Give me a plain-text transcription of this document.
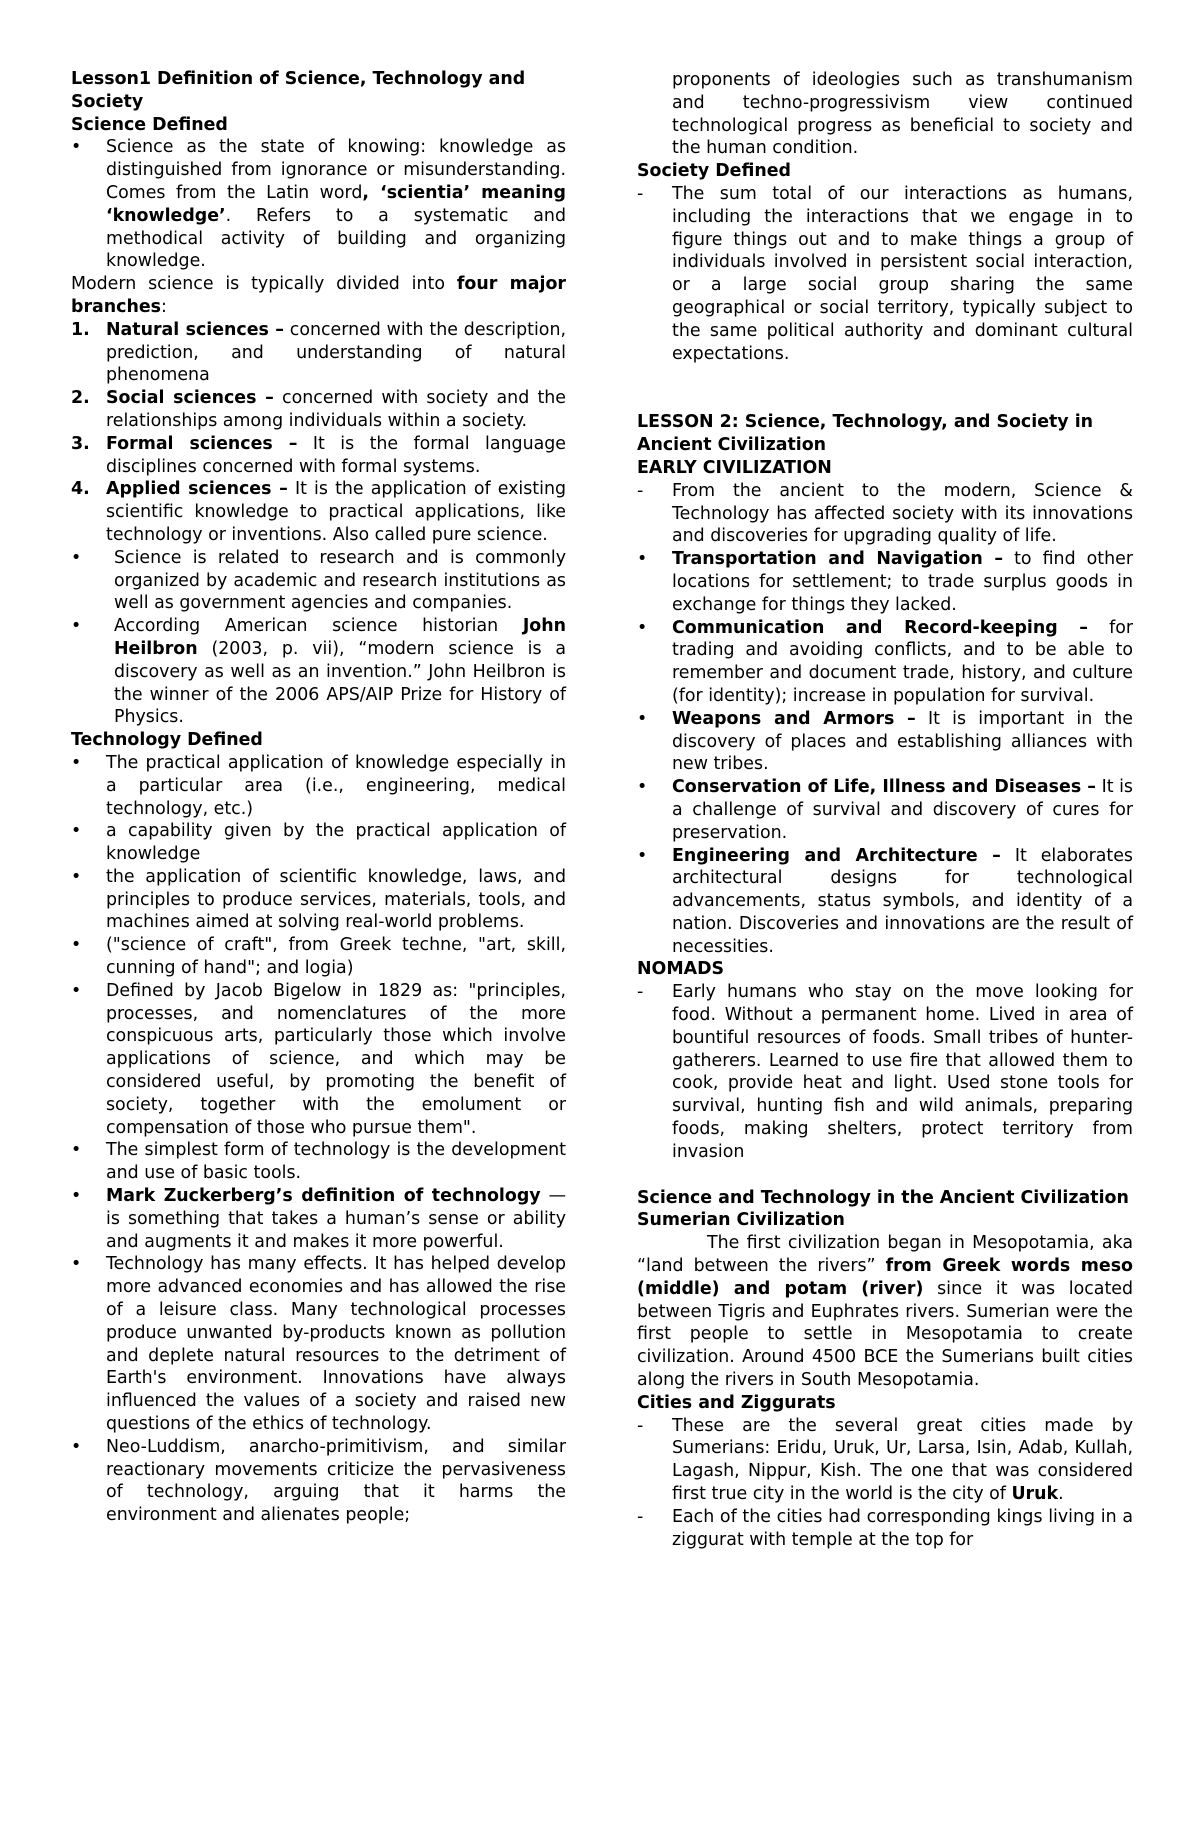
Lesson1 Definition of Science, Technology and Society

Science Defined

• Science as the state of knowing: knowledge as distinguished from ignorance or misunderstanding. Comes from the Latin word, ‘scientia’ meaning ‘knowledge’. Refers to a systematic and methodical activity of building and organizing knowledge.

Modern science is typically divided into four major branches:

1. Natural sciences – concerned with the description, prediction, and understanding of natural phenomena
2. Social sciences – concerned with society and the relationships among individuals within a society.
3. Formal sciences – It is the formal language disciplines concerned with formal systems.
4. Applied sciences – It is the application of existing scientific knowledge to practical applications, like technology or inventions. Also called pure science.
• Science is related to research and is commonly organized by academic and research institutions as well as government agencies and companies.
• According American science historian John Heilbron (2003, p. vii), “modern science is a discovery as well as an invention.” John Heilbron is the winner of the 2006 APS/AIP Prize for History of Physics.

Technology Defined

• The practical application of knowledge especially in a particular area (i.e., engineering, medical technology, etc.)
• a capability given by the practical application of knowledge
• the application of scientific knowledge, laws, and principles to produce services, materials, tools, and machines aimed at solving real-world problems.
• ("science of craft", from Greek techne, "art, skill, cunning of hand"; and logia)
• Defined by Jacob Bigelow in 1829 as: "principles, processes, and nomenclatures of the more conspicuous arts, particularly those which involve applications of science, and which may be considered useful, by promoting the benefit of society, together with the emolument or compensation of those who pursue them".
• The simplest form of technology is the development and use of basic tools.
• Mark Zuckerberg’s definition of technology — is something that takes a human’s sense or ability and augments it and makes it more powerful.
• Technology has many effects. It has helped develop more advanced economies and has allowed the rise of a leisure class. Many technological processes produce unwanted by-products known as pollution and deplete natural resources to the detriment of Earth's environment. Innovations have always influenced the values of a society and raised new questions of the ethics of technology.
• Neo-Luddism, anarcho-primitivism, and similar reactionary movements criticize the pervasiveness of technology, arguing that it harms the environment and alienates people;
proponents of ideologies such as transhumanism and techno-progressivism view continued technological progress as beneficial to society and the human condition.

Society Defined

- The sum total of our interactions as humans, including the interactions that we engage in to figure things out and to make things a group of individuals involved in persistent social interaction, or a large social group sharing the same geographical or social territory, typically subject to the same political authority and dominant cultural expectations.

LESSON 2: Science, Technology, and Society in Ancient Civilization

EARLY CIVILIZATION

- From the ancient to the modern, Science & Technology has affected society with its innovations and discoveries for upgrading quality of life.
• Transportation and Navigation – to find other locations for settlement; to trade surplus goods in exchange for things they lacked.
• Communication and Record-keeping – for trading and avoiding conflicts, and to be able to remember and document trade, history, and culture (for identity); increase in population for survival.
• Weapons and Armors – It is important in the discovery of places and establishing alliances with new tribes.
• Conservation of Life, Illness and Diseases – It is a challenge of survival and discovery of cures for preservation.
• Engineering and Architecture – It elaborates architectural designs for technological advancements, status symbols, and identity of a nation. Discoveries and innovations are the result of necessities.

NOMADS

- Early humans who stay on the move looking for food. Without a permanent home. Lived in area of bountiful resources of foods. Small tribes of hunter-gatherers. Learned to use fire that allowed them to cook, provide heat and light. Used stone tools for survival, hunting fish and wild animals, preparing foods, making shelters, protect territory from invasion

Science and Technology in the Ancient Civilization

Sumerian Civilization

The first civilization began in Mesopotamia, aka “land between the rivers” from Greek words meso (middle) and potam (river) since it was located between Tigris and Euphrates rivers. Sumerian were the first people to settle in Mesopotamia to create civilization. Around 4500 BCE the Sumerians built cities along the rivers in South Mesopotamia.

Cities and Ziggurats

- These are the several great cities made by Sumerians: Eridu, Uruk, Ur, Larsa, Isin, Adab, Kullah, Lagash, Nippur, Kish. The one that was considered first true city in the world is the city of Uruk.
- Each of the cities had corresponding kings living in a ziggurat with temple at the top for
